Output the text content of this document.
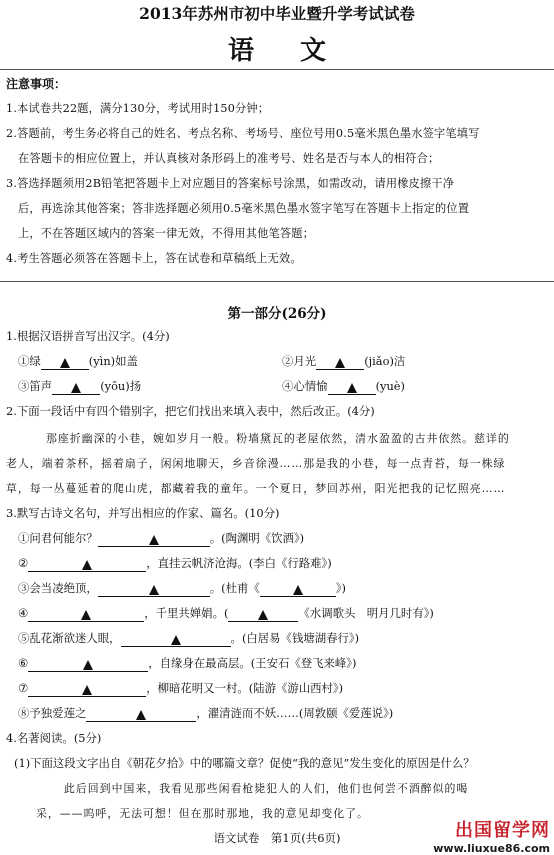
2013年苏州市初中毕业暨升学考试试卷
语文
注意事项：
1.本试卷共22题，满分130分，考试用时150分钟；
2.答题前，考生务必将自己的姓名、考点名称、考场号、座位号用0.5毫米黑色墨水签字笔填写
在答题卡的相应位置上，并认真核对条形码上的准考号、姓名是否与本人的相符合；
3.答选择题须用2B铅笔把答题卡上对应题目的答案标号涂黑，如需改动，请用橡皮擦干净
后，再选涂其他答案；答非选择题必须用0.5毫米黑色墨水签字笔写在答题卡上指定的位置
上，不在答题区域内的答案一律无效，不得用其他笔答题；
4.考生答题必须答在答题卡上，答在试卷和草稿纸上无效。
第一部分(26分)
1.根据汉语拼音写出汉字。(4分)
①绿	(yìn)如盖	②月光	(jiǎo)洁
③笛声	(yōu)扬	④心情愉	(yuè)
2.下面一段话中有四个错别字，把它们找出来填入表中，然后改正。(4分)
那座折幽深的小巷，婉如岁月一般。粉墙黛瓦的老屋依然，清水盈盈的古井依然。慈详的
老人，端着茶杯，摇着扇子，闲闲地聊天，乡音徐漫……那是我的小巷，每一点青苔，每一株绿
草，每一丛蔓延着的爬山虎，都藏着我的童年。一个夏日，梦回苏州，阳光把我的记忆照亮……
3.默写古诗文名句，并写出相应的作家、篇名。(10分)
①问君何能尔？	。(陶渊明《饮酒》)
②	，直挂云帆济沧海。(李白《行路难》)
③会当凌绝顶，	。(杜甫《	》)
④	，千里共婵娟。(	《水调歌头　明月几时有》)
⑤乱花渐欲迷人眼，	。(白居易《钱塘湖春行》)
⑥	，自缘身在最高层。(王安石《登飞来峰》)
⑦	，柳暗花明又一村。(陆游《游山西村》)
⑧予独爱莲之	，濯清涟而不妖……(周敦颐《爱莲说》)
4.名著阅读。(5分)
(1)下面这段文字出自《朝花夕拾》中的哪篇文章？促使“我的意见”发生变化的原因是什么？
此后回到中国来，我看见那些闲看枪毙犯人的人们，他们也何尝不酒醉似的喝
采，——呜呼，无法可想！但在那时那地，我的意见却变化了。
语文试卷　第1页(共6页)	出国留学网
www.liuxue86.com
